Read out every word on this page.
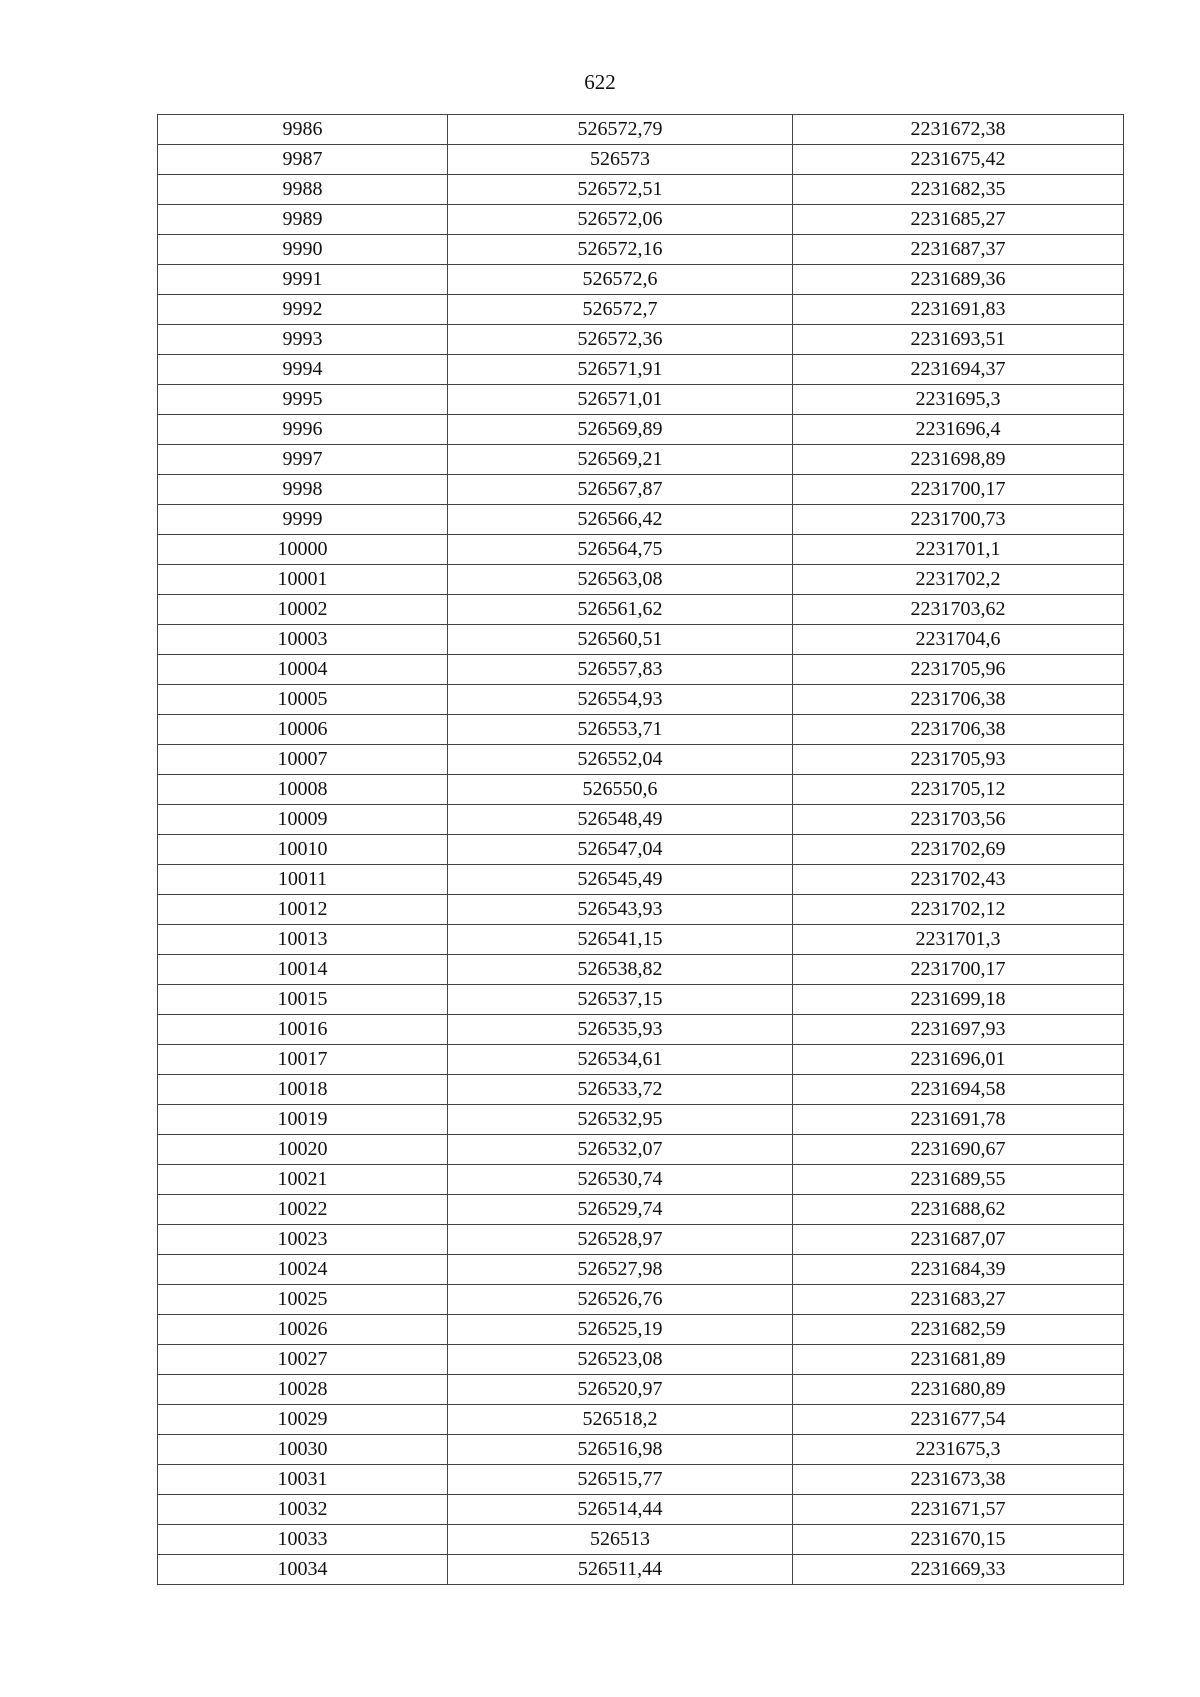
622
9986	526572,79	2231672,38
9987	526573	2231675,42
9988	526572,51	2231682,35
9989	526572,06	2231685,27
9990	526572,16	2231687,37
9991	526572,6	2231689,36
9992	526572,7	2231691,83
9993	526572,36	2231693,51
9994	526571,91	2231694,37
9995	526571,01	2231695,3
9996	526569,89	2231696,4
9997	526569,21	2231698,89
9998	526567,87	2231700,17
9999	526566,42	2231700,73
10000	526564,75	2231701,1
10001	526563,08	2231702,2
10002	526561,62	2231703,62
10003	526560,51	2231704,6
10004	526557,83	2231705,96
10005	526554,93	2231706,38
10006	526553,71	2231706,38
10007	526552,04	2231705,93
10008	526550,6	2231705,12
10009	526548,49	2231703,56
10010	526547,04	2231702,69
10011	526545,49	2231702,43
10012	526543,93	2231702,12
10013	526541,15	2231701,3
10014	526538,82	2231700,17
10015	526537,15	2231699,18
10016	526535,93	2231697,93
10017	526534,61	2231696,01
10018	526533,72	2231694,58
10019	526532,95	2231691,78
10020	526532,07	2231690,67
10021	526530,74	2231689,55
10022	526529,74	2231688,62
10023	526528,97	2231687,07
10024	526527,98	2231684,39
10025	526526,76	2231683,27
10026	526525,19	2231682,59
10027	526523,08	2231681,89
10028	526520,97	2231680,89
10029	526518,2	2231677,54
10030	526516,98	2231675,3
10031	526515,77	2231673,38
10032	526514,44	2231671,57
10033	526513	2231670,15
10034	526511,44	2231669,33
